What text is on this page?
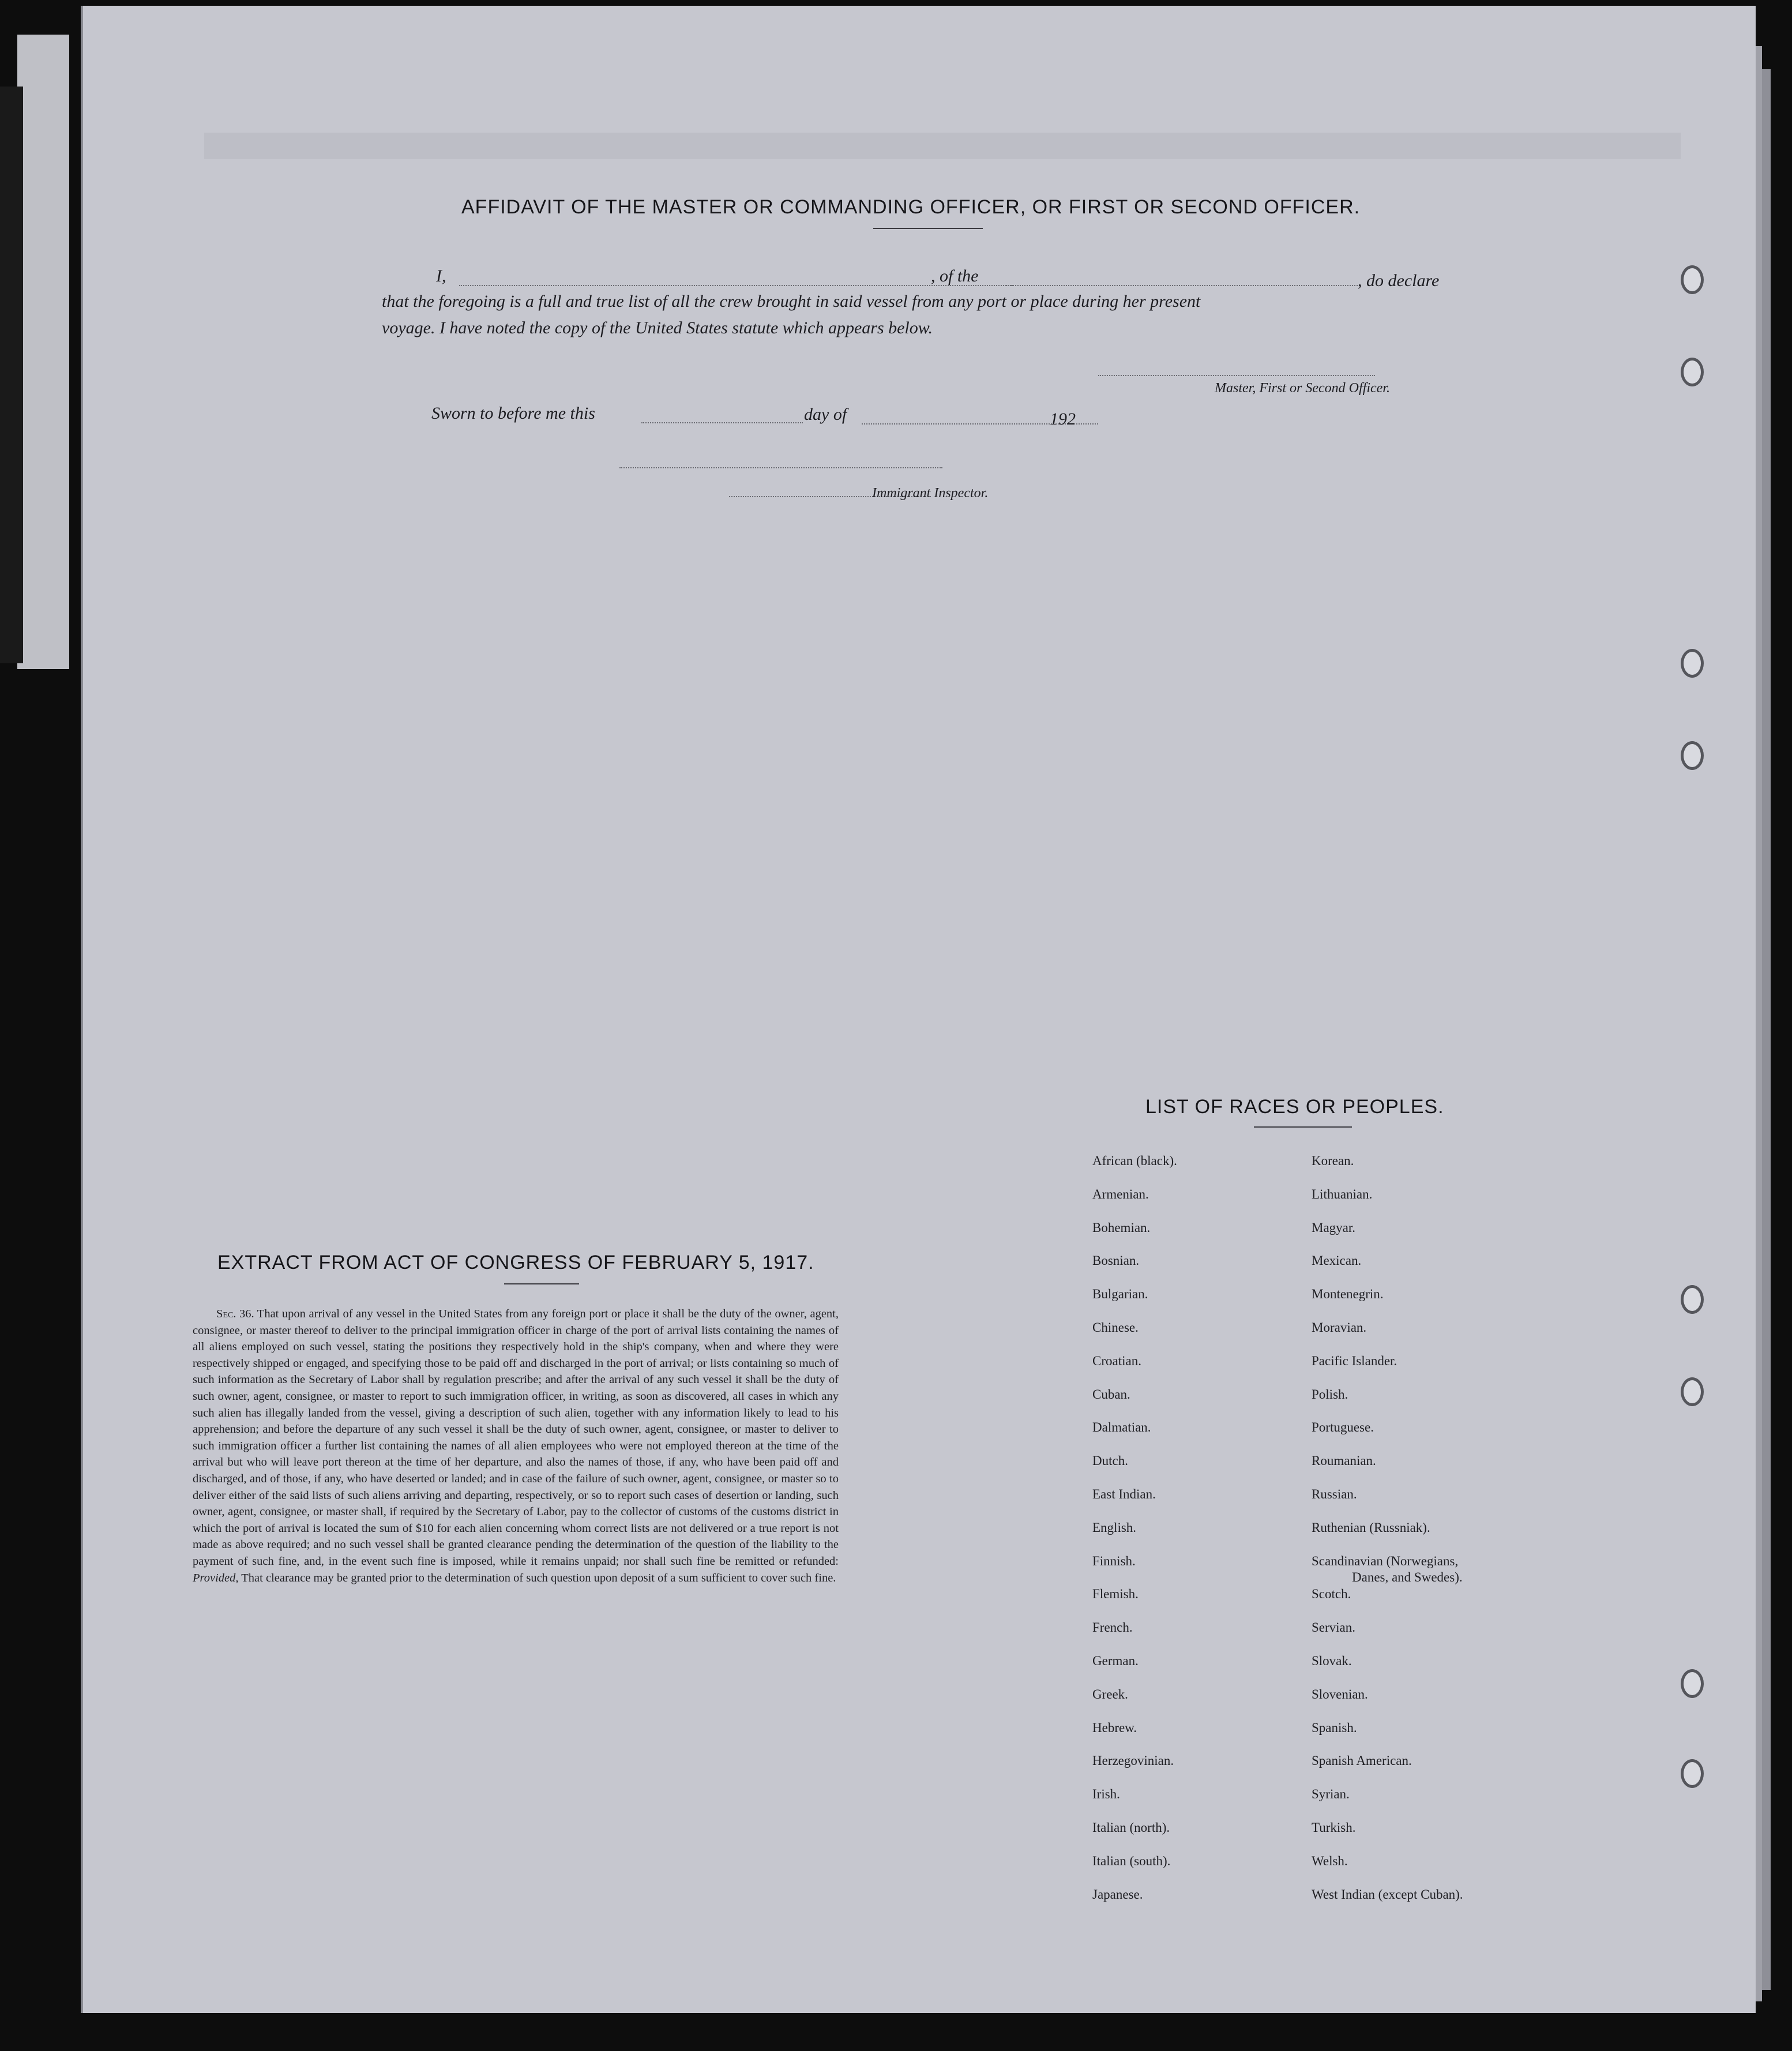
AFFIDAVIT OF THE MASTER OR COMMANDING OFFICER, OR FIRST OR SECOND OFFICER.
I,	, of the	, do declare
that the foregoing is a full and true list of all the crew brought in said vessel from any port or place during her present
voyage. I have noted the copy of the United States statute which appears below.
Master, First or Second Officer.
Sworn to before me this	day of	192
Immigrant Inspector.
EXTRACT FROM ACT OF CONGRESS OF FEBRUARY 5, 1917.
  Sec. 36. That upon arrival of any vessel in the United States from any foreign port or place it shall be the duty of the owner, agent, consignee, or master thereof to deliver to the principal immigration officer in charge of the port of arrival lists containing the names of all aliens employed on such vessel, stating the positions they respectively hold in the ship's company, when and where they were respectively shipped or engaged, and specifying those to be paid off and discharged in the port of arrival; or lists containing so much of such information as the Secretary of Labor shall by regulation prescribe; and after the arrival of any such vessel it shall be the duty of such owner, agent, consignee, or master to report to such immigration officer, in writing, as soon as discovered, all cases in which any such alien has illegally landed from the vessel, giving a description of such alien, together with any information likely to lead to his apprehension; and before the departure of any such vessel it shall be the duty of such owner, agent, consignee, or master to deliver to such immigration officer a further list containing the names of all alien employees who were not employed thereon at the time of the arrival but who will leave port thereon at the time of her departure, and also the names of those, if any, who have been paid off and discharged, and of those, if any, who have deserted or landed; and in case of the failure of such owner, agent, consignee, or master so to deliver either of the said lists of such aliens arriving and departing, respectively, or so to report such cases of desertion or landing, such owner, agent, consignee, or master shall, if required by the Secretary of Labor, pay to the collector of customs of the customs district in which the port of arrival is located the sum of $10 for each alien concerning whom correct lists are not delivered or a true report is not made as above required; and no such vessel shall be granted clearance pending the determination of the question of the liability to the payment of such fine, and, in the event such fine is imposed, while it remains unpaid; nor shall such fine be remitted or refunded: Provided, That clearance may be granted prior to the determination of such question upon deposit of a sum sufficient to cover such fine.
LIST OF RACES OR PEOPLES.
African (black).
Armenian.
Bohemian.
Bosnian.
Bulgarian.
Chinese.
Croatian.
Cuban.
Dalmatian.
Dutch.
East Indian.
English.
Finnish.
Flemish.
French.
German.
Greek.
Hebrew.
Herzegovinian.
Irish.
Italian (north).
Italian (south).
Japanese.
Korean.
Lithuanian.
Magyar.
Mexican.
Montenegrin.
Moravian.
Pacific Islander.
Polish.
Portuguese.
Roumanian.
Russian.
Ruthenian (Russniak).
Scandinavian (Norwegians,
Scotch.
Servian.
Slovak.
Slovenian.
Spanish.
Spanish American.
Syrian.
Turkish.
Welsh.
West Indian (except Cuban).
Danes, and Swedes).
